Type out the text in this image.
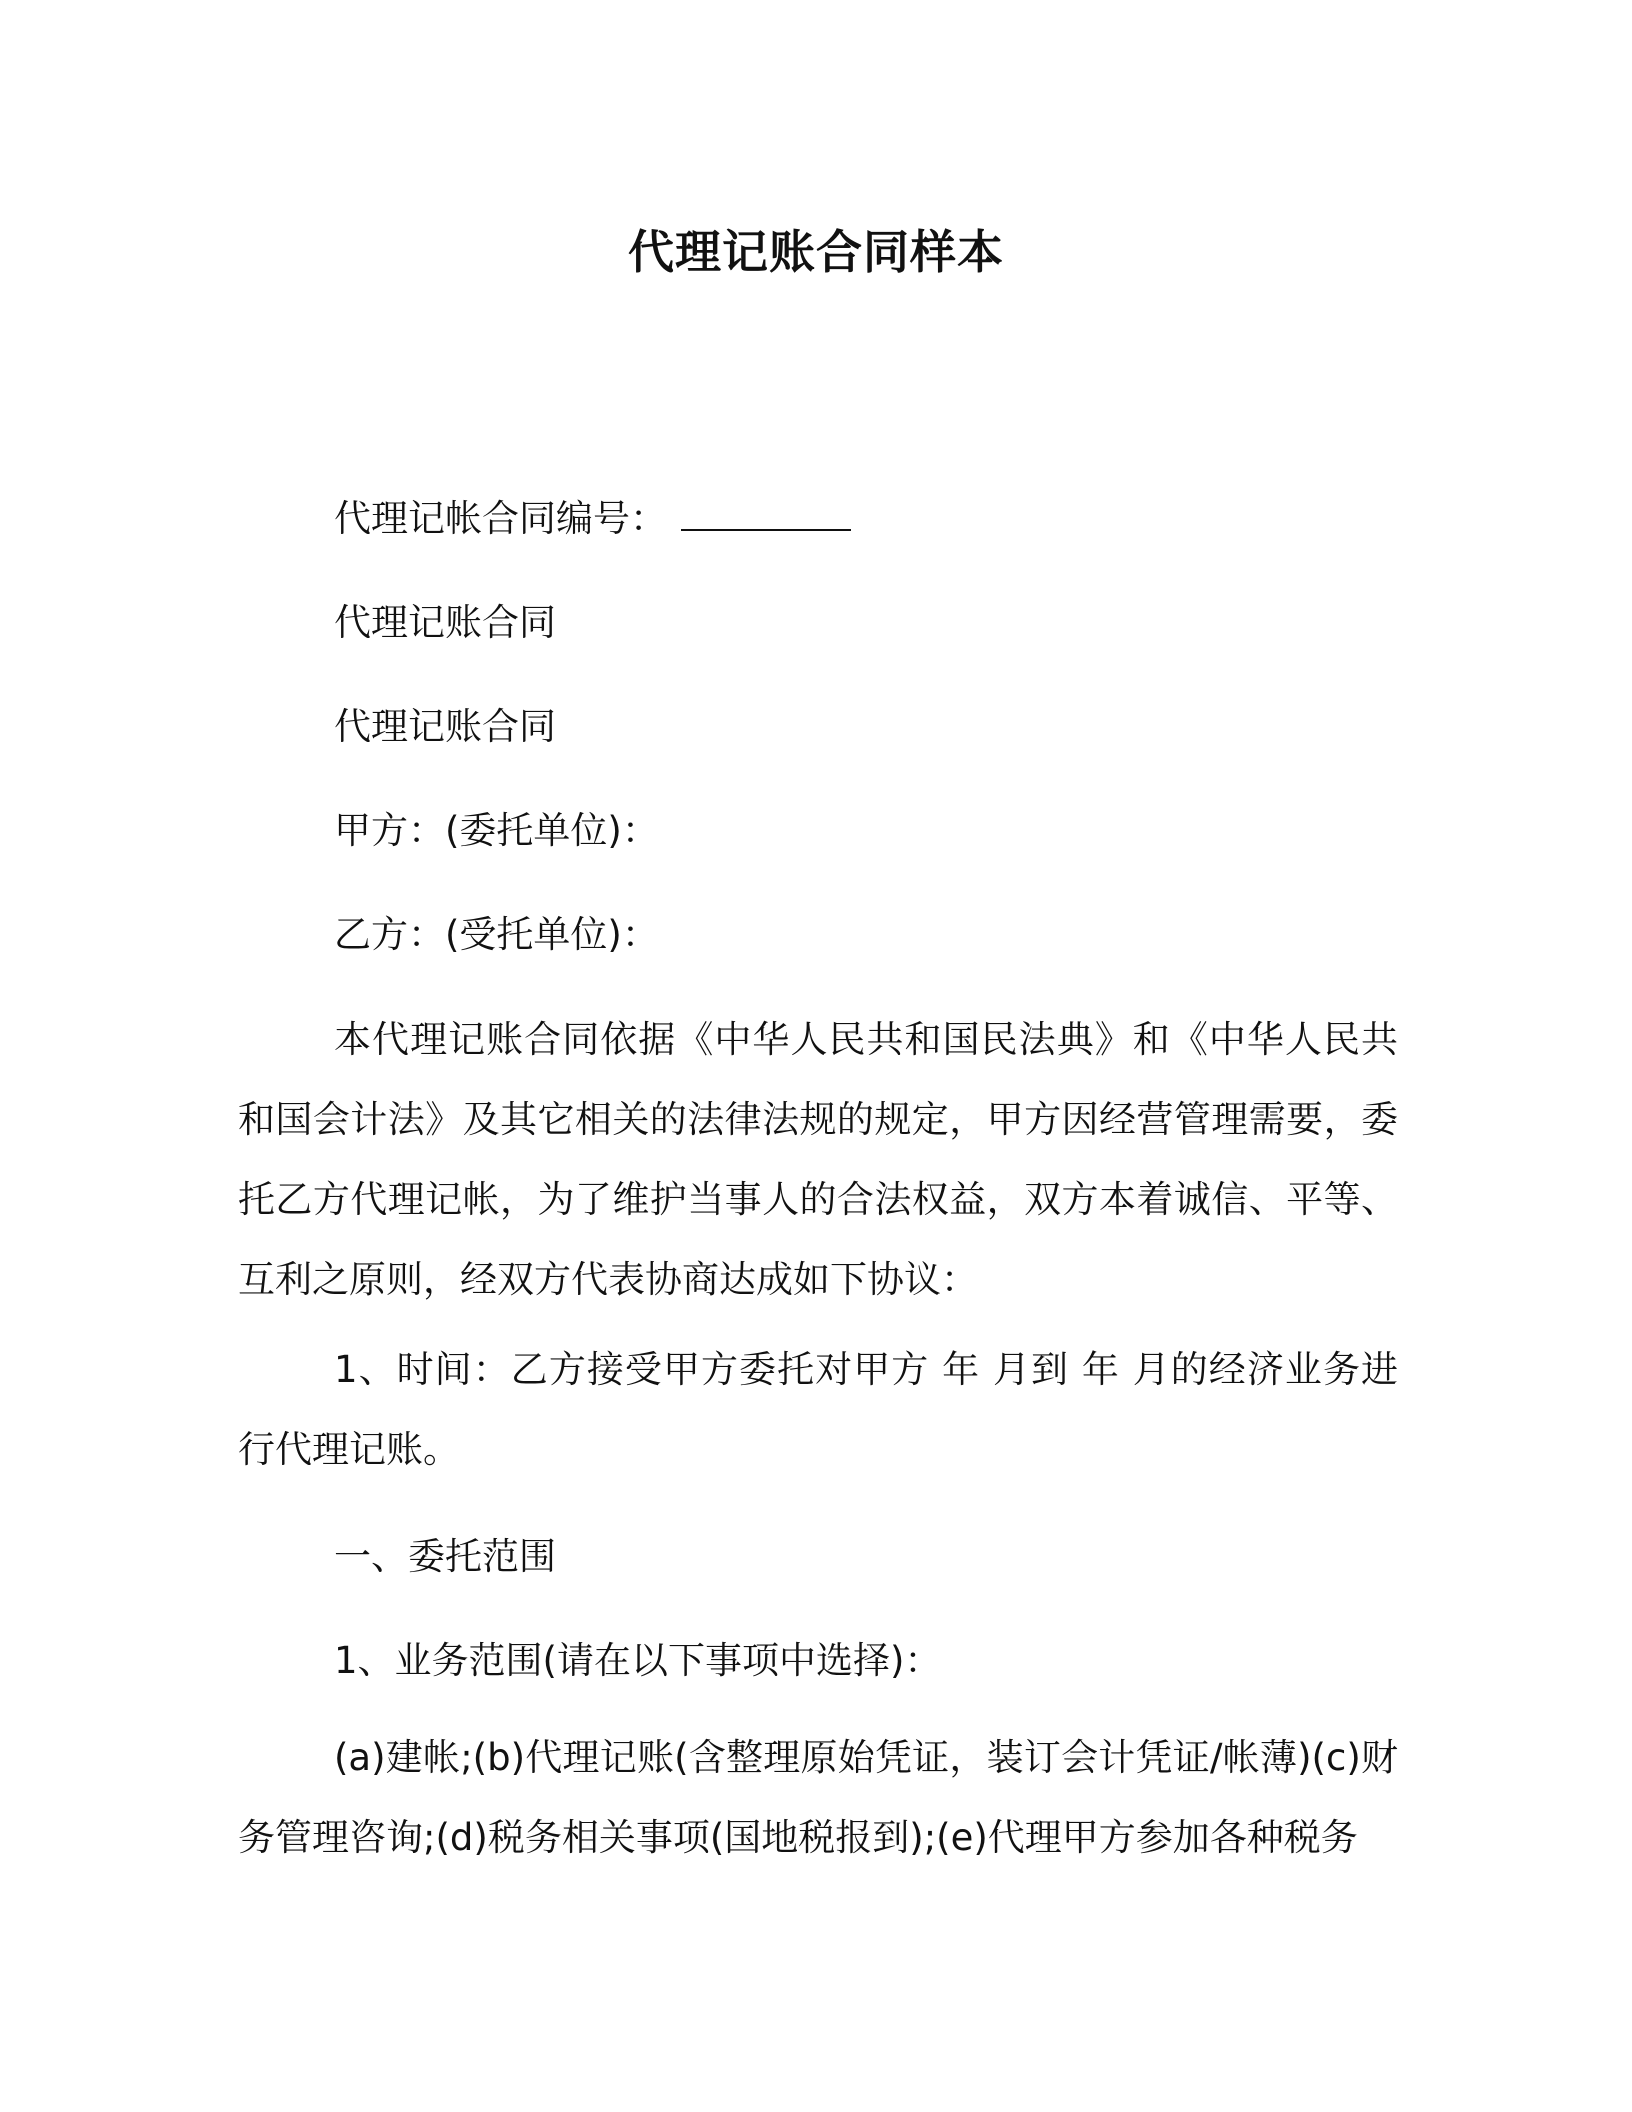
代理记账合同样本
代理记帐合同编号：
代理记账合同
代理记账合同
甲方：(委托单位)：
乙方：(受托单位)：
本代理记账合同依据《中华人民共和国民法典》和《中华人民共和国会计法》及其它相关的法律法规的规定，甲方因经营管理需要，委托乙方代理记帐，为了维护当事人的合法权益，双方本着诚信、平等、互利之原则，经双方代表协商达成如下协议：
1、时间：乙方接受甲方委托对甲方 年 月到 年 月的经济业务进行代理记账。
一、委托范围
1、业务范围(请在以下事项中选择)：
(a)建帐;(b)代理记账(含整理原始凭证，装订会计凭证/帐薄)(c)财务管理咨询;(d)税务相关事项(国地税报到);(e)代理甲方参加各种税务
